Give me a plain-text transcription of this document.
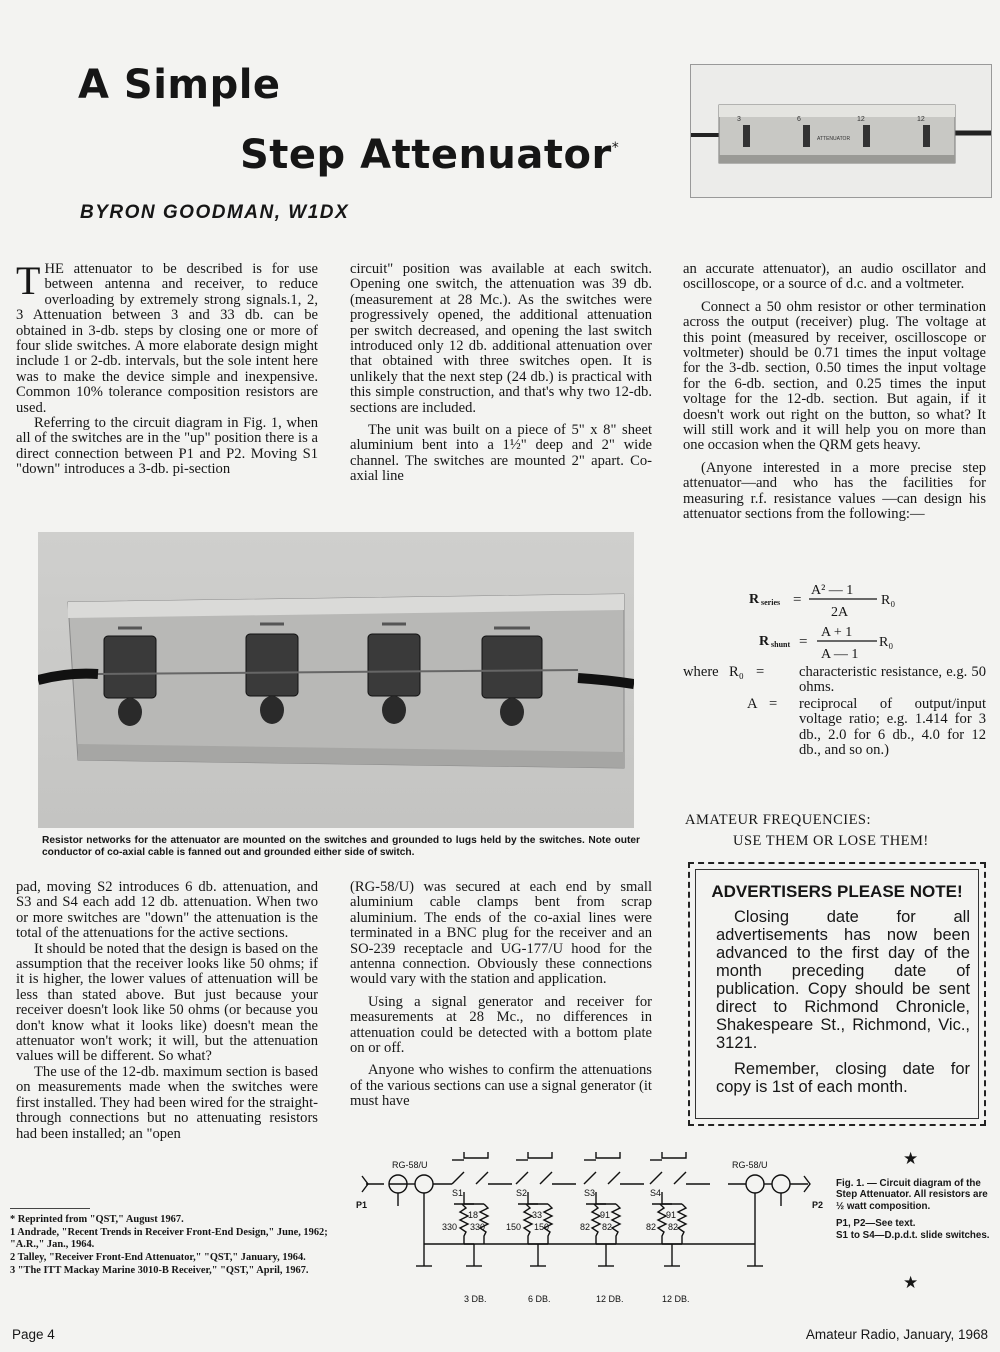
A Simple
Step Attenuator*
BYRON GOODMAN, W1DX
3	6	12	12
ATTENUATOR

THE attenuator to be described is for use between antenna and receiver, to reduce overloading by extremely strong signals.1, 2, 3 Attenuation between 3 and 33 db. can be obtained in 3-db. steps by closing one or more of four slide switches. A more elaborate design might include 1 or 2-db. intervals, but the sole intent here was to make the device simple and inexpensive. Common 10% tolerance composition resistors are used.

Referring to the circuit diagram in Fig. 1, when all of the switches are in the "up" position there is a direct connection between P1 and P2. Moving S1 "down" introduces a 3-db. pi-section

circuit" position was available at each switch. Opening one switch, the attenuation was 39 db. (measurement at 28 Mc.). As the switches were progressively opened, the additional attenuation per switch decreased, and opening the last switch introduced only 12 db. additional attenuation over that obtained with three switches open. It is unlikely that the next step (24 db.) is practical with this simple construction, and that's why two 12-db. sections are included.

The unit was built on a piece of 5" x 8" sheet aluminium bent into a 1½" deep and 2" wide channel. The switches are mounted 2" apart. Co-axial line

an accurate attenuator), an audio oscillator and oscilloscope, or a source of d.c. and a voltmeter.

Connect a 50 ohm resistor or other termination across the output (receiver) plug. The voltage at this point (measured by receiver, oscilloscope or voltmeter) should be 0.71 times the input voltage for the 3-db. section, 0.50 times the input voltage for the 6-db. section, and 0.25 times the input voltage for the 12-db. section. But again, if it doesn't work out right on the button, so what? It will still work and it will help you on more than one occasion when the QRM gets heavy.

(Anyone interested in a more precise step attenuator—and who has the facilities for measuring r.f. resistance values —can design his attenuator sections from the following:—

R series =
A² — 1
2A
R₀
R shunt =
A + 1
A — 1
R₀
where R₀ = characteristic resistance, e.g. 50 ohms.
A = reciprocal of output/input voltage ratio; e.g. 1.414 for 3 db., 2.0 for 6 db., 4.0 for 12 db., and so on.)
Resistor networks for the attenuator are mounted on the switches and grounded to lugs held by the switches. Note outer conductor of co-axial cable is fanned out and grounded either side of switch.

pad, moving S2 introduces 6 db. attenuation, and S3 and S4 each add 12 db. attenuation. When two or more switches are "down" the attenuation is the total of the attenuations for the active sections.

It should be noted that the design is based on the assumption that the receiver looks like 50 ohms; if it is higher, the lower values of attenuation will be less than stated above. But just because your receiver doesn't look like 50 ohms (or because you don't know what it looks like) doesn't mean the attenuator won't work; it will, but the attenuation values will be different. So what?

The use of the 12-db. maximum section is based on measurements made when the switches were first installed. They had been wired for the straight-through connections but no attenuating resistors had been installed; an "open

(RG-58/U) was secured at each end by small aluminium cable clamps bent from scrap aluminium. The ends of the co-axial lines were terminated in a BNC plug for the receiver and an SO-239 receptacle and UG-177/U hood for the antenna connection. Obviously these connections would vary with the station and application.

Using a signal generator and receiver for measurements at 28 Mc., no differences in attenuation could be detected with a bottom plate on or off.

Anyone who wishes to confirm the attenuations of the various sections can use a signal generator (it must have

AMATEUR FREQUENCIES:
USE THEM OR LOSE THEM!
ADVERTISERS PLEASE NOTE!

Closing date for all advertisements has now been advanced to the first day of the month preceding date of publication. Copy should be sent direct to Richmond Chronicle, Shakespeare St., Richmond, Vic., 3121.

Remember, closing date for copy is 1st of each month.

RG-58/U	RG-58/U
P1	P2
S1	S2	S3	S4
18	33	91	91
330 330 150 150	82 82	82 82
3 DB.	6 DB.	12 DB.	12 DB.
★
Fig. 1. — Circuit diagram of the Step Attenuator. All resistors are ½ watt composition.
P1, P2—See text.
S1 to S4—D.p.d.t. slide switches.
★

* Reprinted from "QST," August 1967.

1 Andrade, "Recent Trends in Receiver Front-End Design," June, 1962; "A.R.," Jan., 1964.

2 Talley, "Receiver Front-End Attenuator," "QST," January, 1964.

3 "The ITT Mackay Marine 3010-B Receiver," "QST," April, 1967.

Page 4	Amateur Radio, January, 1968
